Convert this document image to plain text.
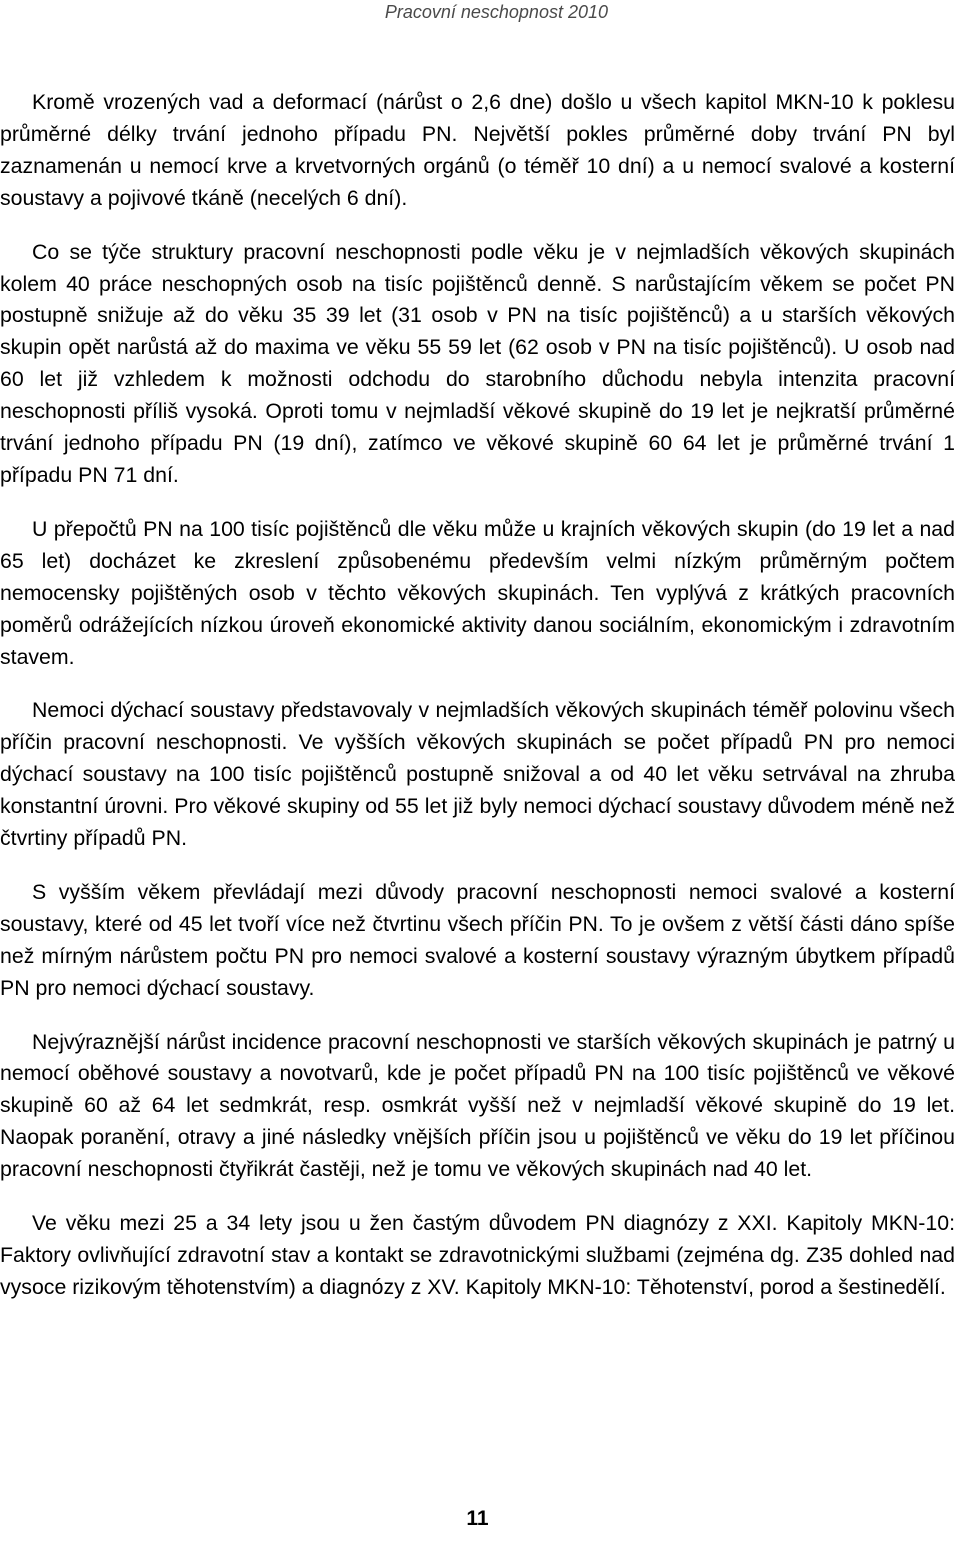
Pracovní neschopnost 2010

Kromě vrozených vad a deformací (nárůst o 2,6 dne) došlo u všech kapitol MKN-10 k poklesu průměrné délky trvání jednoho případu PN. Největší pokles průměrné doby trvání PN byl zaznamenán u nemocí krve a krvetvorných orgánů (o téměř 10 dní) a u nemocí svalové a kosterní soustavy a pojivové tkáně (necelých 6 dní).

Co se týče struktury pracovní neschopnosti podle věku je v nejmladších věkových skupinách kolem 40 práce neschopných osob na tisíc pojištěnců denně. S narůstajícím věkem se počet PN postupně snižuje až do věku 35 39 let (31 osob v PN na tisíc pojištěnců) a u starších věkových skupin opět narůstá až do maxima ve věku 55 59 let (62 osob v PN na tisíc pojištěnců). U osob nad 60 let již vzhledem k možnosti odchodu do starobního důchodu nebyla intenzita pracovní neschopnosti příliš vysoká. Oproti tomu v nejmladší věkové skupině do 19 let je nejkratší průměrné trvání jednoho případu PN (19 dní), zatímco ve věkové skupině 60 64 let je průměrné trvání 1 případu PN 71 dní.

U přepočtů PN na 100 tisíc pojištěnců dle věku může u krajních věkových skupin (do 19 let a nad 65 let) docházet ke zkreslení způsobenému především velmi nízkým průměrným počtem nemocensky pojištěných osob v těchto věkových skupinách. Ten vyplývá z krátkých pracovních poměrů odrážejících nízkou úroveň ekonomické aktivity danou sociálním, ekonomickým i zdravotním stavem.

Nemoci dýchací soustavy představovaly v nejmladších věkových skupinách téměř polovinu všech příčin pracovní neschopnosti. Ve vyšších věkových skupinách se počet případů PN pro nemoci dýchací soustavy na 100 tisíc pojištěnců postupně snižoval a od 40 let věku setrvával na zhruba konstantní úrovni. Pro věkové skupiny od 55 let již byly nemoci dýchací soustavy důvodem méně než čtvrtiny případů PN.

S vyšším věkem převládají mezi důvody pracovní neschopnosti nemoci svalové a kosterní soustavy, které od 45 let tvoří více než čtvrtinu všech příčin PN. To je ovšem z větší části dáno spíše než mírným nárůstem počtu PN pro nemoci svalové a kosterní soustavy výrazným úbytkem případů PN pro nemoci dýchací soustavy.

Nejvýraznější nárůst incidence pracovní neschopnosti ve starších věkových skupinách je patrný u nemocí oběhové soustavy a novotvarů, kde je počet případů PN na 100 tisíc pojištěnců ve věkové skupině 60 až 64 let sedmkrát, resp. osmkrát vyšší než v nejmladší věkové skupině do 19 let. Naopak poranění, otravy a jiné následky vnějších příčin jsou u pojištěnců ve věku do 19 let příčinou pracovní neschopnosti čtyřikrát častěji, než je tomu ve věkových skupinách nad 40 let.

Ve věku mezi 25 a 34 lety jsou u žen častým důvodem PN diagnózy z XXI. Kapitoly MKN-10: Faktory ovlivňující zdravotní stav a kontakt se zdravotnickými službami (zejména dg. Z35 dohled nad vysoce rizikovým těhotenstvím) a diagnózy z XV. Kapitoly MKN-10: Těhotenství, porod a šestinedělí.

11
